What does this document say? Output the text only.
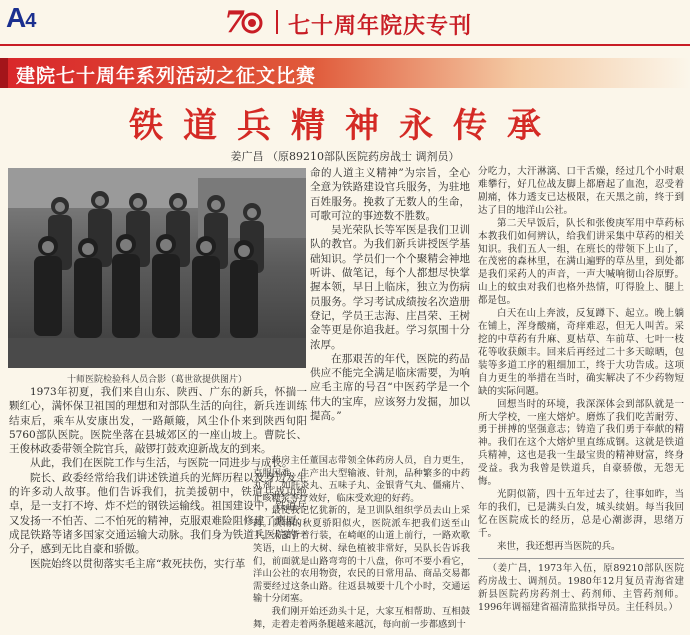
A4	7 七十周年院庆专刊
建院七十周年系列活动之征文比赛
铁道兵精神永传承
姜广昌 （原89210部队医院药房战士 调剂员）
十师医院检验科人员合影（葛世欲提供图片）

1973年初夏，我们来自山东、陕西、广东的新兵，怀揣一颗红心，满怀保卫祖国的理想和对部队生活的向往，新兵连训练结束后，乘车从安康出发，一路颠簸，风尘仆仆来到陕西旬阳5760部队医院。医院坐落在县城郊区的一座山坡上。曹院长、王俊林政委带领全院官兵，敲锣打鼓欢迎新战友的到来。

从此，我们在医院工作与生活，与医院一同进步与成长。

院长、政委经常给我们讲述铁道兵的光辉历程以及身边发生的许多动人故事。他们告诉我们，抗美援朝中，铁道兵战功绝卓，是一支打不垮、炸不烂的钢铁运输线。祖国建设中，铁道兵又发扬一不怕苦、二不怕死的精神，克服艰难险阻修建了鹰厦、成昆铁路等诸多国家交通运输大动脉。我们身为铁道兵医院的一分子，感到无比自豪和骄傲。

医院始终以贯彻落实毛主席“救死扶伤，实行革

命的人道主义精神”为宗旨，全心全意为铁路建设官兵服务，为驻地百姓服务。挽救了无数人的生命，可歌可泣的事迹数不胜数。

吴光荣队长等军医是我们卫训队的教官。为我们新兵讲授医学基础知识。学员们一个个聚精会神地听讲、做笔记，每个人都想尽快掌握本领，早日上临床，独立为伤病员服务。学习考试成绩按名次造册登记，学员王志海、庄昌荣、王树金等更是你追我赶。学习氛围十分浓厚。

在那艰苦的年代，医院的药品供应不能完全满足临床需要，为响应毛主席的号召“中医药学是一个伟大的宝库，应该努力发掘，加以提高。”

药房主任董国志带领全体药房人员，自力更生，克服困难，生产出大型输液、针剂，品种繁多的中药丸剂。如肝炎丸、五味子丸、金银背气丸、僵痛片、止咳糖浆等疗效好，临床受欢迎的好药。

最使我记忆犹新的，是卫训队组织学员去山上采药。陕南的秋夏骄阳似火，医院派车把我们送至山下，大家背着行装，在崎岖的山道上前行，一路欢歌笑语，山上的大树、绿色植被非常好，吴队长告诉我们，前面就是山路弯弯的十八盘，你可不要小看它，洋山公社的农用物资，农民的日常用品、商品交易都需要经过这条山路。往返县城要十几个小时，交通运输十分闭塞。

我们刚开始还劲头十足，大家互相帮助、互相鼓舞，走着走着两条腿越来越沉，每向前一步都感到十

分吃力，大汗淋漓、口干舌燥，经过几个小时艰难攀行，好几位战友脚上都磨起了血泡，忍受着剧痛，体力透支已达极限，在天黑之前，终于到达了目的地洋山公社。

第二天早饭后，队长和张俊庚军用中草药标本教我们如何辨认，给我们讲采集中草药的相关知识。我们五人一组，在班长的带领下上山了，在茂密的森林里，在满山遍野的草丛里，到处都是我们采药人的声音，一声大喊响彻山谷原野。山上的蚊虫对我们也格外热情，叮得脸上、腿上都是包。

白天在山上奔波，反复蹲下、起立。晚上躺在铺上，浑身酸痛，奇痒难忍，但无人叫苦。采挖的中草药有升麻、夏枯草、车前草、七叶一枝花等收获颇丰。回来后再经过二十多天晾晒，包装等多道工序的粗细加工，终于大功告成。这项自力更生的举措在当时，确实解决了不少药物短缺的实际问题。

回想当时的环境，我深深体会到部队就是一所大学校，一座大熔炉。磨炼了我们吃苦耐劳、勇于拼搏的坚强意志；铸造了我们勇于奉献的精神。我们在这个大熔炉里直练成钢。这就是铁道兵精神，这也是我一生最宝贵的精神财富，终身受益。我为我曾是铁道兵，自豪骄傲，无怨无悔。

光阴似箭，四十五年过去了，往事如昨，当年的我们，已是满头白发，城头续娟。每当我回忆在医院成长的经历，总是心潮澎湃，思绪万千。

来世，我还想再当医院的兵。

（姜广昌，1973年入伍，原89210部队医院药房战士、调剂员。1980年12月复员青海省建新县医院药房药剂士、药剂师、主管药剂师。1996年调福建省福清监狱指导员。主任科员。）
